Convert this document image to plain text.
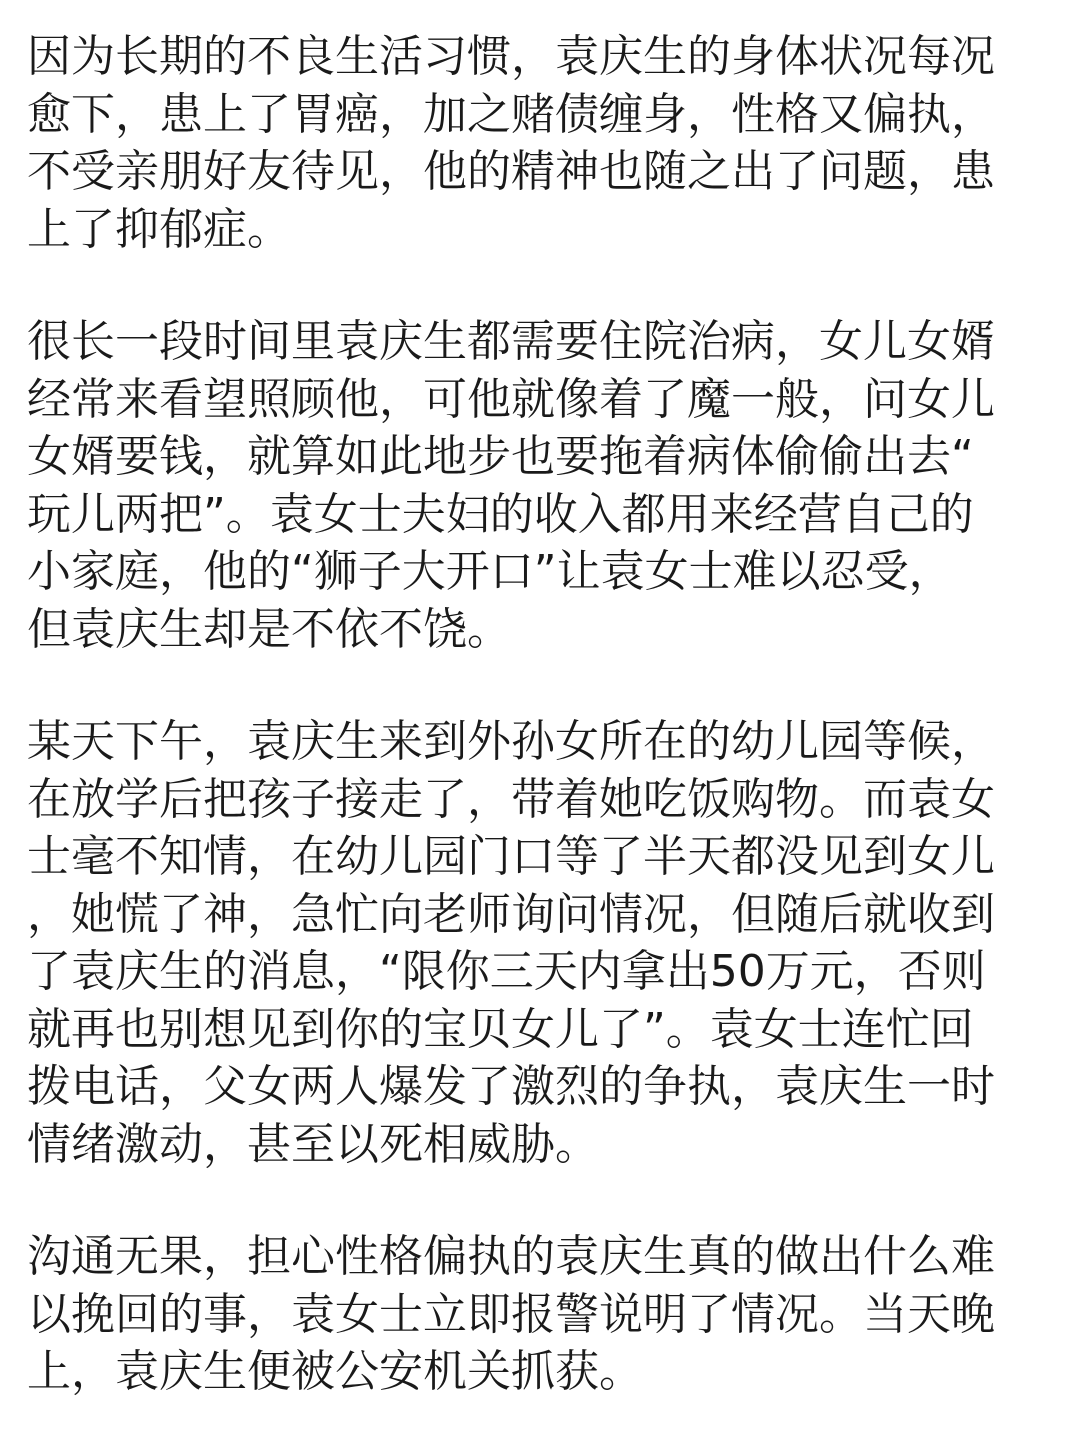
因为长期的不良生活习惯，袁庆生的身体状况每况
愈下，患上了胃癌，加之赌债缠身，性格又偏执，
不受亲朋好友待见，他的精神也随之出了问题，患
上了抑郁症。

很长一段时间里袁庆生都需要住院治病，女儿女婿
经常来看望照顾他，可他就像着了魔一般，问女儿
女婿要钱，就算如此地步也要拖着病体偷偷出去“
玩儿两把”。袁女士夫妇的收入都用来经营自己的
小家庭，他的“狮子大开口”让袁女士难以忍受，
但袁庆生却是不依不饶。

某天下午，袁庆生来到外孙女所在的幼儿园等候，
在放学后把孩子接走了，带着她吃饭购物。而袁女
士毫不知情，在幼儿园门口等了半天都没见到女儿
，她慌了神，急忙向老师询问情况，但随后就收到
了袁庆生的消息，“限你三天内拿出50万元，否则
就再也别想见到你的宝贝女儿了”。袁女士连忙回
拨电话，父女两人爆发了激烈的争执，袁庆生一时
情绪激动，甚至以死相威胁。

沟通无果，担心性格偏执的袁庆生真的做出什么难
以挽回的事，袁女士立即报警说明了情况。当天晚
上，袁庆生便被公安机关抓获。
